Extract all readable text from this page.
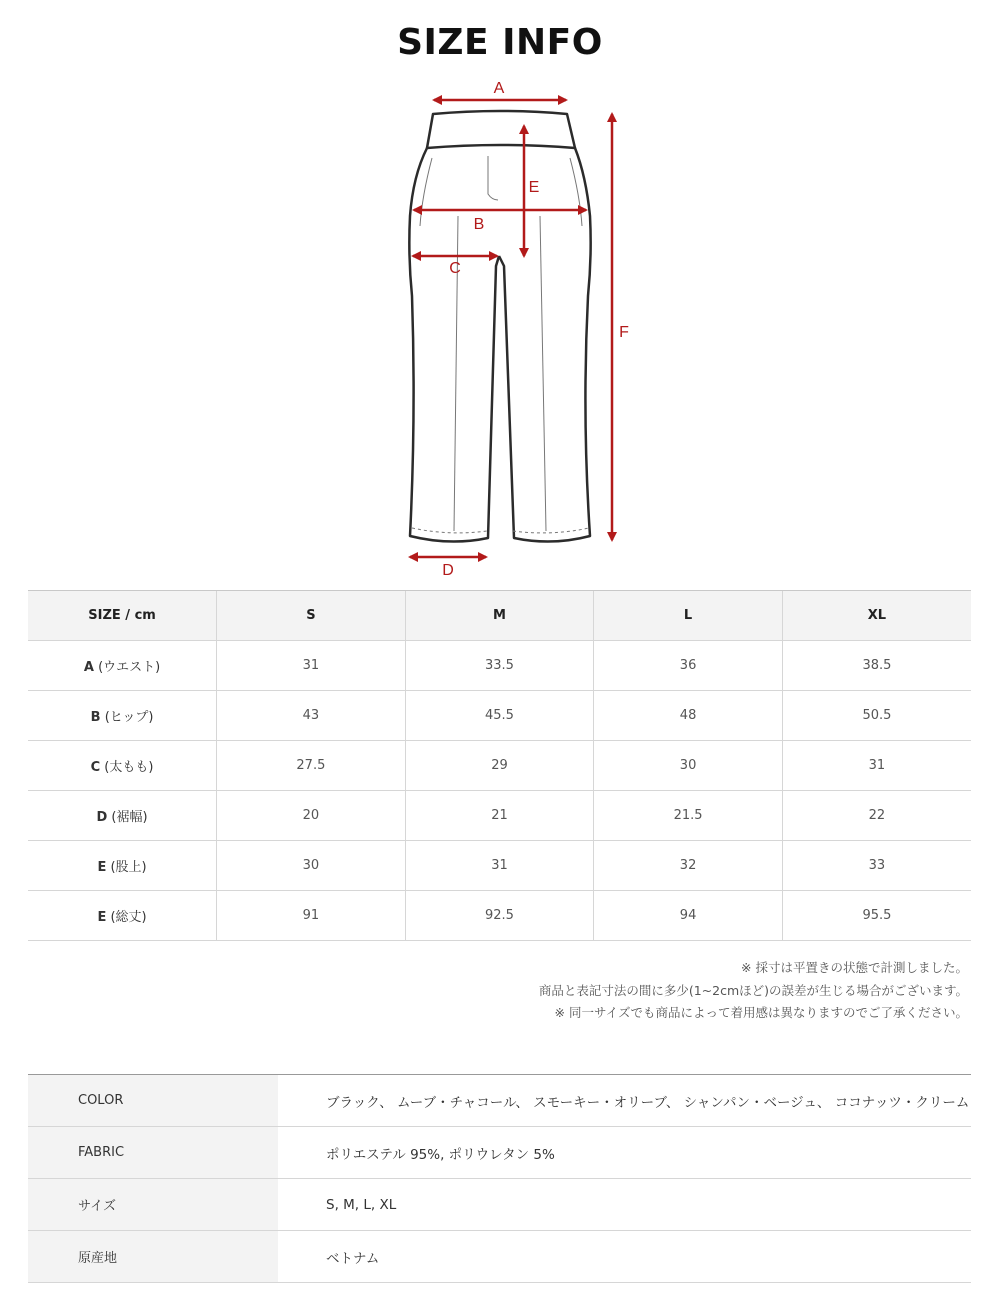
SIZE INFO
A
B
C
D
E
F
SIZE / cm	S	M	L	XL
A (ウエスト)	31	33.5	36	38.5
B (ヒップ)	43	45.5	48	50.5
C (太もも)	27.5	29	30	31
D (裾幅)	20	21	21.5	22
E (股上)	30	31	32	33
E (総丈)	91	92.5	94	95.5
※ 採寸は平置きの状態で計測しました。
商品と表記寸法の間に多少(1~2cmほど)の誤差が生じる場合がございます。
※ 同一サイズでも商品によって着用感は異なりますのでご了承ください。
COLOR	ブラック、 ムーブ・チャコール、 スモーキー・オリーブ、 シャンパン・ベージュ、 ココナッツ・クリーム
FABRIC	ポリエステル 95%, ポリウレタン 5%
サイズ	S, M, L, XL
原産地	ベトナム
